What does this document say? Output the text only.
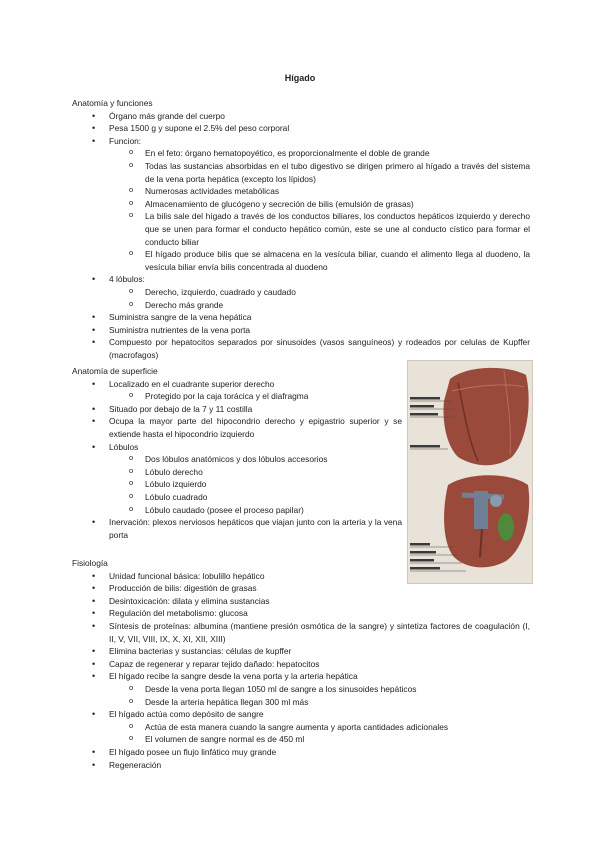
Hígado
Anatomía y funciones
• Órgano más grande del cuerpo
• Pesa 1500 g y supone el 2.5% del peso corporal
• Funcion:
o En el feto: órgano hematopoyético, es proporcionalmente el doble de grande
o Todas las sustancias absorbidas en el tubo digestivo se dirigen primero al hígado a través del sistema de la vena porta hepática (excepto los lípidos)
o Numerosas actividades metabólicas
o Almacenamiento de glucógeno y secreción de bilis (emulsión de grasas)
o La bilis sale del hígado a través de los conductos biliares, los conductos hepáticos izquierdo y derecho que se unen para formar el conducto hepático común, este se une al conducto cístico para formar el conducto biliar
o El hígado produce bilis que se almacena en la vesícula biliar, cuando el alimento llega al duodeno, la vesícula biliar envía bilis concentrada al duodeno
• 4 lóbulos:
o Derecho, izquierdo, cuadrado y caudado
o Derecho más grande
• Suministra sangre de la vena hepática
• Suministra nutrientes de la vena porta
• Compuesto por hepatocitos separados por sinusoides (vasos sanguíneos) y rodeados por celulas de Kupffer (macrofagos)
Anatomía de superficie
• Localizado en el cuadrante superior derecho
o Protegido por la caja torácica y el diafragma
• Situado por debajo de la 7 y 11 costilla
• Ocupa la mayor parte del hipocondrio derecho y epigastrio superior y se extiende hasta el hipocondrio izquierdo
• Lóbulos
o Dos lóbulos anatómicos y dos lóbulos accesorios
o Lóbulo derecho
o Lóbulo izquierdo
o Lóbulo cuadrado
o Lóbulo caudado (posee el proceso papilar)
• Inervación: plexos nerviosos hepáticos que viajan junto con la arteria y la vena porta
Fisiología
• Unidad funcional básica: lobulillo hepático
• Producción de bilis: digestión de grasas
• Desintoxicación: dilata y elimina sustancias
• Regulación del metabolismo: glucosa
• Síntesis de proteínas: albumina (mantiene presión osmótica de la sangre) y sintetiza factores de coagulación (I, II, V, VII, VIII, IX, X, XI, XII, XIII)
• Elimina bacterias y sustancias: células de kupffer
• Capaz de regenerar y reparar tejido dañado: hepatocitos
• El hígado recibe la sangre desde la vena porta y la arteria hepática
o Desde la vena porta llegan 1050 ml de sangre a los sinusoides hepáticos
o Desde la arteria hepática llegan 300 ml más
• El hígado actúa como depósito de sangre
o Actúa de esta manera cuando la sangre aumenta y aporta cantidades adicionales
o El volumen de sangre normal es de 450 ml
• El hígado posee un flujo linfático muy grande
• Regeneración
